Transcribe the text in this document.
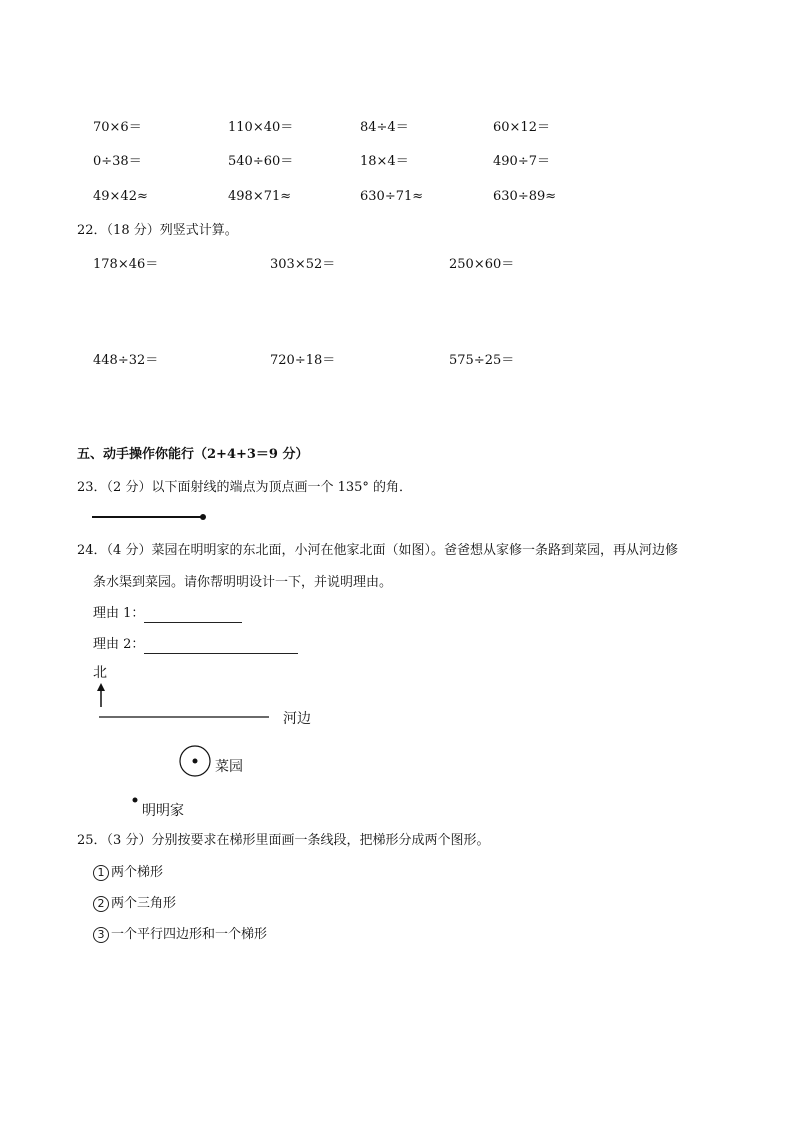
70×6＝	110×40＝	84÷4＝	60×12＝
0÷38＝	540÷60＝	18×4＝	490÷7＝
49×42≈	498×71≈	630÷71≈	630÷89≈
22．（18 分）列竖式计算。
178×46＝	303×52＝	250×60＝
448÷32＝	720÷18＝	575÷25＝
五、动手操作你能行（2+4+3＝9 分）
23．（2 分）以下面射线的端点为顶点画一个 135° 的角．
24．（4 分）菜园在明明家的东北面，小河在他家北面（如图）。爸爸想从家修一条路到菜园，再从河边修
条水渠到菜园。请你帮明明设计一下，并说明理由。
理由 1：
理由 2：
北
河边
菜园
明明家
25．（3 分）分别按要求在梯形里面画一条线段，把梯形分成两个图形。
1 两个梯形
2 两个三角形
3 一个平行四边形和一个梯形
